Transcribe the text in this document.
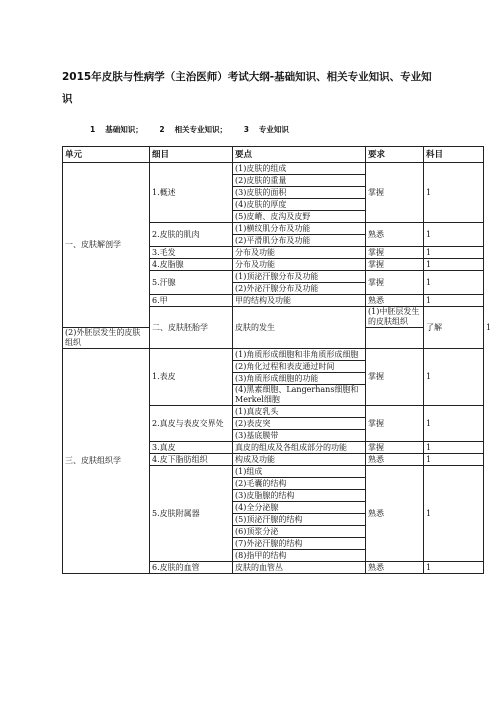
2015年皮肤与性病学（主治医师）考试大纲-基础知识、相关专业知识、专业知识
1 基础知识； 2 相关专业知识； 3 专业知识
单元	细目	要点	要求	科目	
一、皮肤解剖学	1.概述	(1)皮肤的组成	掌握	1	
		(2)皮肤的重量			
		(3)皮肤的面积			
		(4)皮肤的厚度			
		(5)皮嵴、皮沟及皮野			
	2.皮肤的肌肉	(1)横纹肌分布及功能	熟悉	1	
		(2)平滑肌分布及功能			
	3.毛发	分布及功能	掌握	1	
	4.皮脂腺	分布及功能	掌握	1	
	5.汗腺	(1)顶泌汗腺分布及功能	掌握	1	
		(2)外泌汗腺分布及功能			
	6.甲	甲的结构及功能	熟悉	1	
	二、皮肤胚胎学	皮肤的发生	(1)中胚层发生的皮肤组织	了解	1
(2)外胚层发生的皮肤组织					
三、皮肤组织学	1.表皮	(1)角质形成细胞和非角质形成细胞	掌握	1	
		(2)角化过程和表皮通过时间			
		(3)角质形成细胞的功能			
		(4)黑素细胞、Langerhans细胞和Merkel细胞			
	2.真皮与表皮交界处	(1)真皮乳头	掌握	1	
		(2)表皮突			
		(3)基底膜带			
	3.真皮	真皮的组成及各组成部分的功能	掌握	1	
	4.皮下脂肪组织	构成及功能	熟悉	1	
	5.皮肤附属器	(1)组成	熟悉	1	
		(2)毛囊的结构			
		(3)皮脂腺的结构			
		(4)全分泌腺			
		(5)顶泌汗腺的结构			
		(6)顶浆分泌			
		(7)外泌汗腺的结构			
		(8)指甲的结构			
	6.皮肤的血管	皮肤的血管丛	熟悉	1	
